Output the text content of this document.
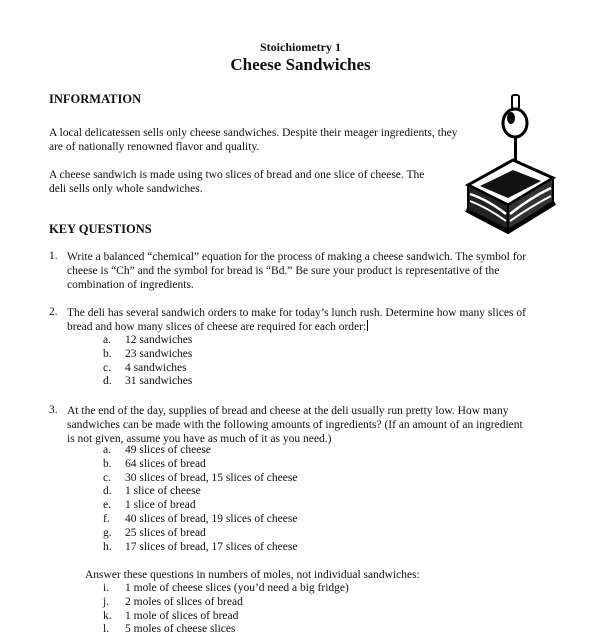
Stoichiometry 1
Cheese Sandwiches
INFORMATION
A local delicatessen sells only cheese sandwiches. Despite their meager ingredients, they
are of nationally renowned flavor and quality.
A cheese sandwich is made using two slices of bread and one slice of cheese. The
deli sells only whole sandwiches.
KEY QUESTIONS
1. Write a balanced “chemical” equation for the process of making a cheese sandwich. The symbol for
cheese is “Ch” and the symbol for bread is “Bd.” Be sure your product is representative of the
combination of ingredients.
2. The deli has several sandwich orders to make for today’s lunch rush. Determine how many slices of
bread and how many slices of cheese are required for each order:
a. 12 sandwiches
b. 23 sandwiches
c. 4 sandwiches
d. 31 sandwiches
3. At the end of the day, supplies of bread and cheese at the deli usually run pretty low. How many
sandwiches can be made with the following amounts of ingredients? (If an amount of an ingredient
is not given, assume you have as much of it as you need.)
a. 49 slices of cheese
b. 64 slices of bread
c. 30 slices of bread, 15 slices of cheese
d. 1 slice of cheese
e. 1 slice of bread
f. 40 slices of bread, 19 slices of cheese
g. 25 slices of bread
h. 17 slices of bread, 17 slices of cheese
Answer these questions in numbers of moles, not individual sandwiches:
i. 1 mole of cheese slices (you’d need a big fridge)
j. 2 moles of slices of bread
k. 1 mole of slices of bread
l. 5 moles of cheese slices
